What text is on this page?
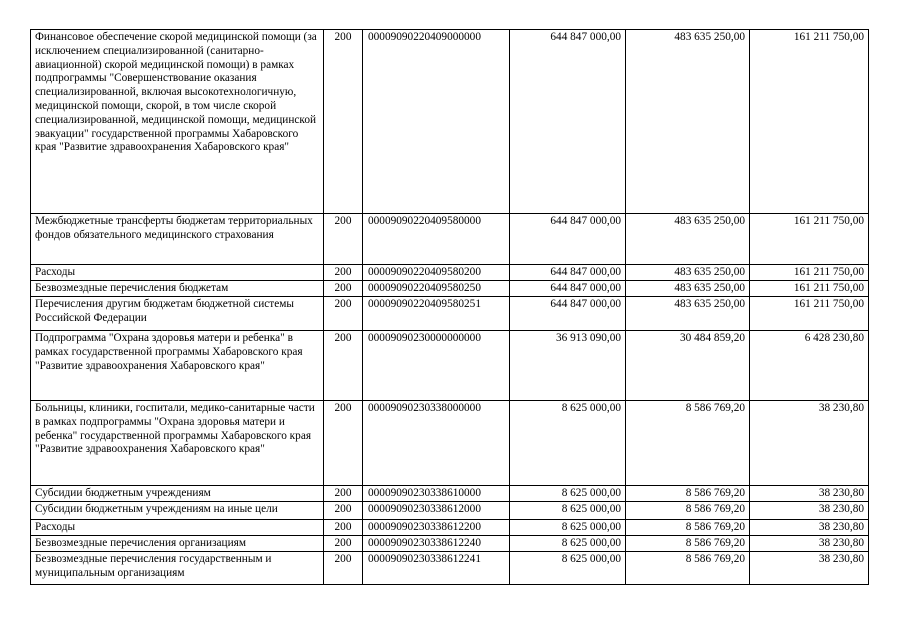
Финансовое обеспечение скорой медицинской помощи (за исключением специализированной (санитарно-авиационной) скорой медицинской помощи) в рамках подпрограммы "Совершенствование оказания специализированной, включая высокотехнологичную, медицинской помощи, скорой, в том числе скорой специализированной, медицинской помощи, медицинской эвакуации" государственной программы Хабаровского края "Развитие здравоохранения Хабаровского края"	200	00009090220409000000	644 847 000,00	483 635 250,00	161 211 750,00
Межбюджетные трансферты бюджетам территориальных фондов обязательного медицинского страхования	200	00009090220409580000	644 847 000,00	483 635 250,00	161 211 750,00
Расходы	200	00009090220409580200	644 847 000,00	483 635 250,00	161 211 750,00
Безвозмездные перечисления бюджетам	200	00009090220409580250	644 847 000,00	483 635 250,00	161 211 750,00
Перечисления другим бюджетам бюджетной системы Российской Федерации	200	00009090220409580251	644 847 000,00	483 635 250,00	161 211 750,00
Подпрограмма "Охрана здоровья матери и ребенка" в рамках государственной программы Хабаровского края "Развитие здравоохранения Хабаровского края"	200	00009090230000000000	36 913 090,00	30 484 859,20	6 428 230,80
Больницы, клиники, госпитали, медико-санитарные части в рамках подпрограммы "Охрана здоровья матери и ребенка" государственной программы Хабаровского края "Развитие здравоохранения Хабаровского края"	200	00009090230338000000	8 625 000,00	8 586 769,20	38 230,80
Субсидии бюджетным учреждениям	200	00009090230338610000	8 625 000,00	8 586 769,20	38 230,80
Субсидии бюджетным учреждениям на иные цели	200	00009090230338612000	8 625 000,00	8 586 769,20	38 230,80
Расходы	200	00009090230338612200	8 625 000,00	8 586 769,20	38 230,80
Безвозмездные перечисления организациям	200	00009090230338612240	8 625 000,00	8 586 769,20	38 230,80
Безвозмездные перечисления государственным и муниципальным организациям	200	00009090230338612241	8 625 000,00	8 586 769,20	38 230,80
